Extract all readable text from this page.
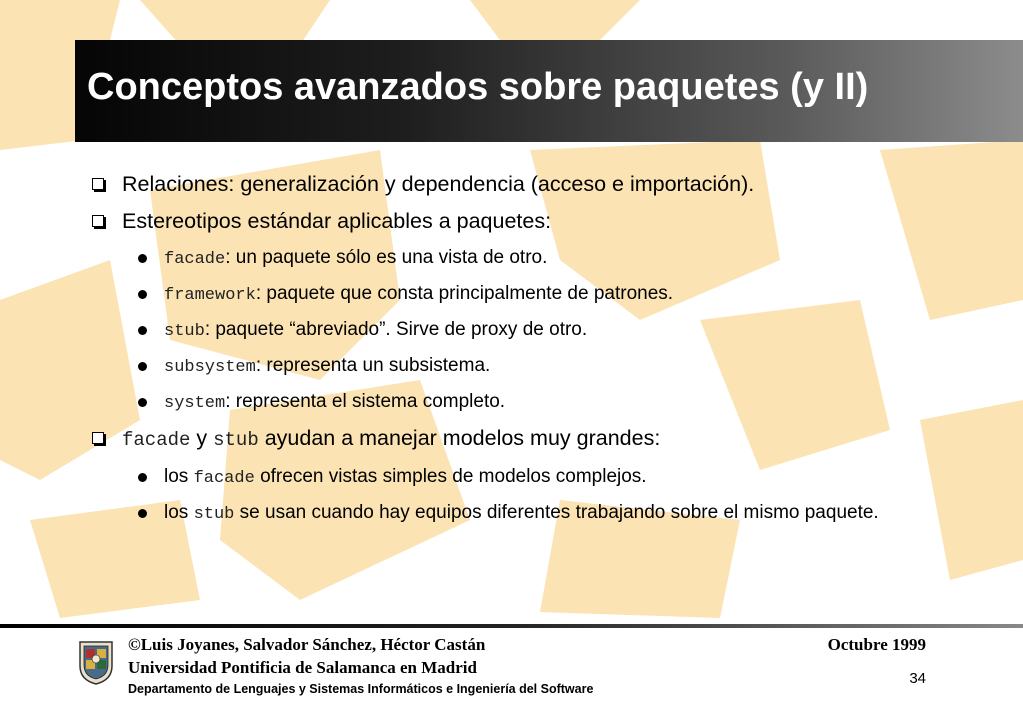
Conceptos avanzados sobre paquetes (y II)
Relaciones: generalización y dependencia (acceso e importación).
Estereotipos estándar aplicables a paquetes:
facade: un paquete sólo es una vista de otro.
framework: paquete que consta principalmente de patrones.
stub: paquete “abreviado”. Sirve de proxy de otro.
subsystem: representa un subsistema.
system: representa el sistema completo.
facade y stub ayudan a manejar modelos muy grandes:
los facade ofrecen vistas simples de modelos complejos.
los stub se usan cuando hay equipos diferentes trabajando sobre el mismo paquete.
©Luis Joyanes, Salvador Sánchez, Héctor Castán
Universidad Pontificia de Salamanca en Madrid
Departamento de Lenguajes y Sistemas Informáticos e Ingeniería del Software
Octubre 1999
34
